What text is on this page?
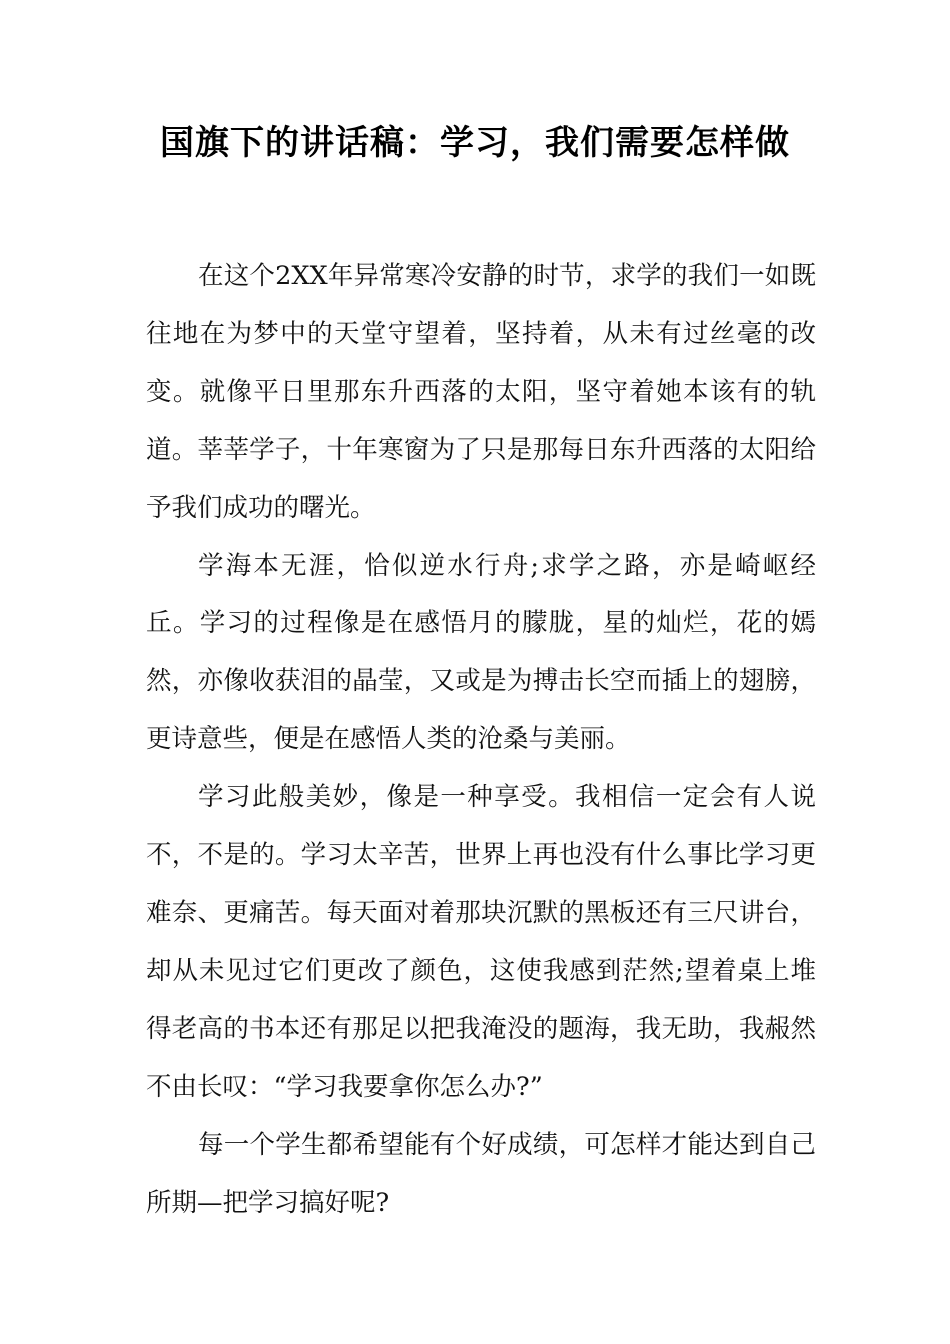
国旗下的讲话稿：学习，我们需要怎样做

在这个2XX年异常寒冷安静的时节，求学的我们一如既往地在为梦中的天堂守望着，坚持着，从未有过丝毫的改变。就像平日里那东升西落的太阳，坚守着她本该有的轨道。莘莘学子，十年寒窗为了只是那每日东升西落的太阳给予我们成功的曙光。

学海本无涯，恰似逆水行舟;求学之路，亦是崎岖经丘。学习的过程像是在感悟月的朦胧，星的灿烂，花的嫣然，亦像收获泪的晶莹，又或是为搏击长空而插上的翅膀，更诗意些，便是在感悟人类的沧桑与美丽。

学习此般美妙，像是一种享受。我相信一定会有人说不，不是的。学习太辛苦，世界上再也没有什么事比学习更难奈、更痛苦。每天面对着那块沉默的黑板还有三尺讲台，却从未见过它们更改了颜色，这使我感到茫然;望着桌上堆得老高的书本还有那足以把我淹没的题海，我无助，我赧然不由长叹：“学习我要拿你怎么办?”

每一个学生都希望能有个好成绩，可怎样才能达到自己所期—把学习搞好呢?
